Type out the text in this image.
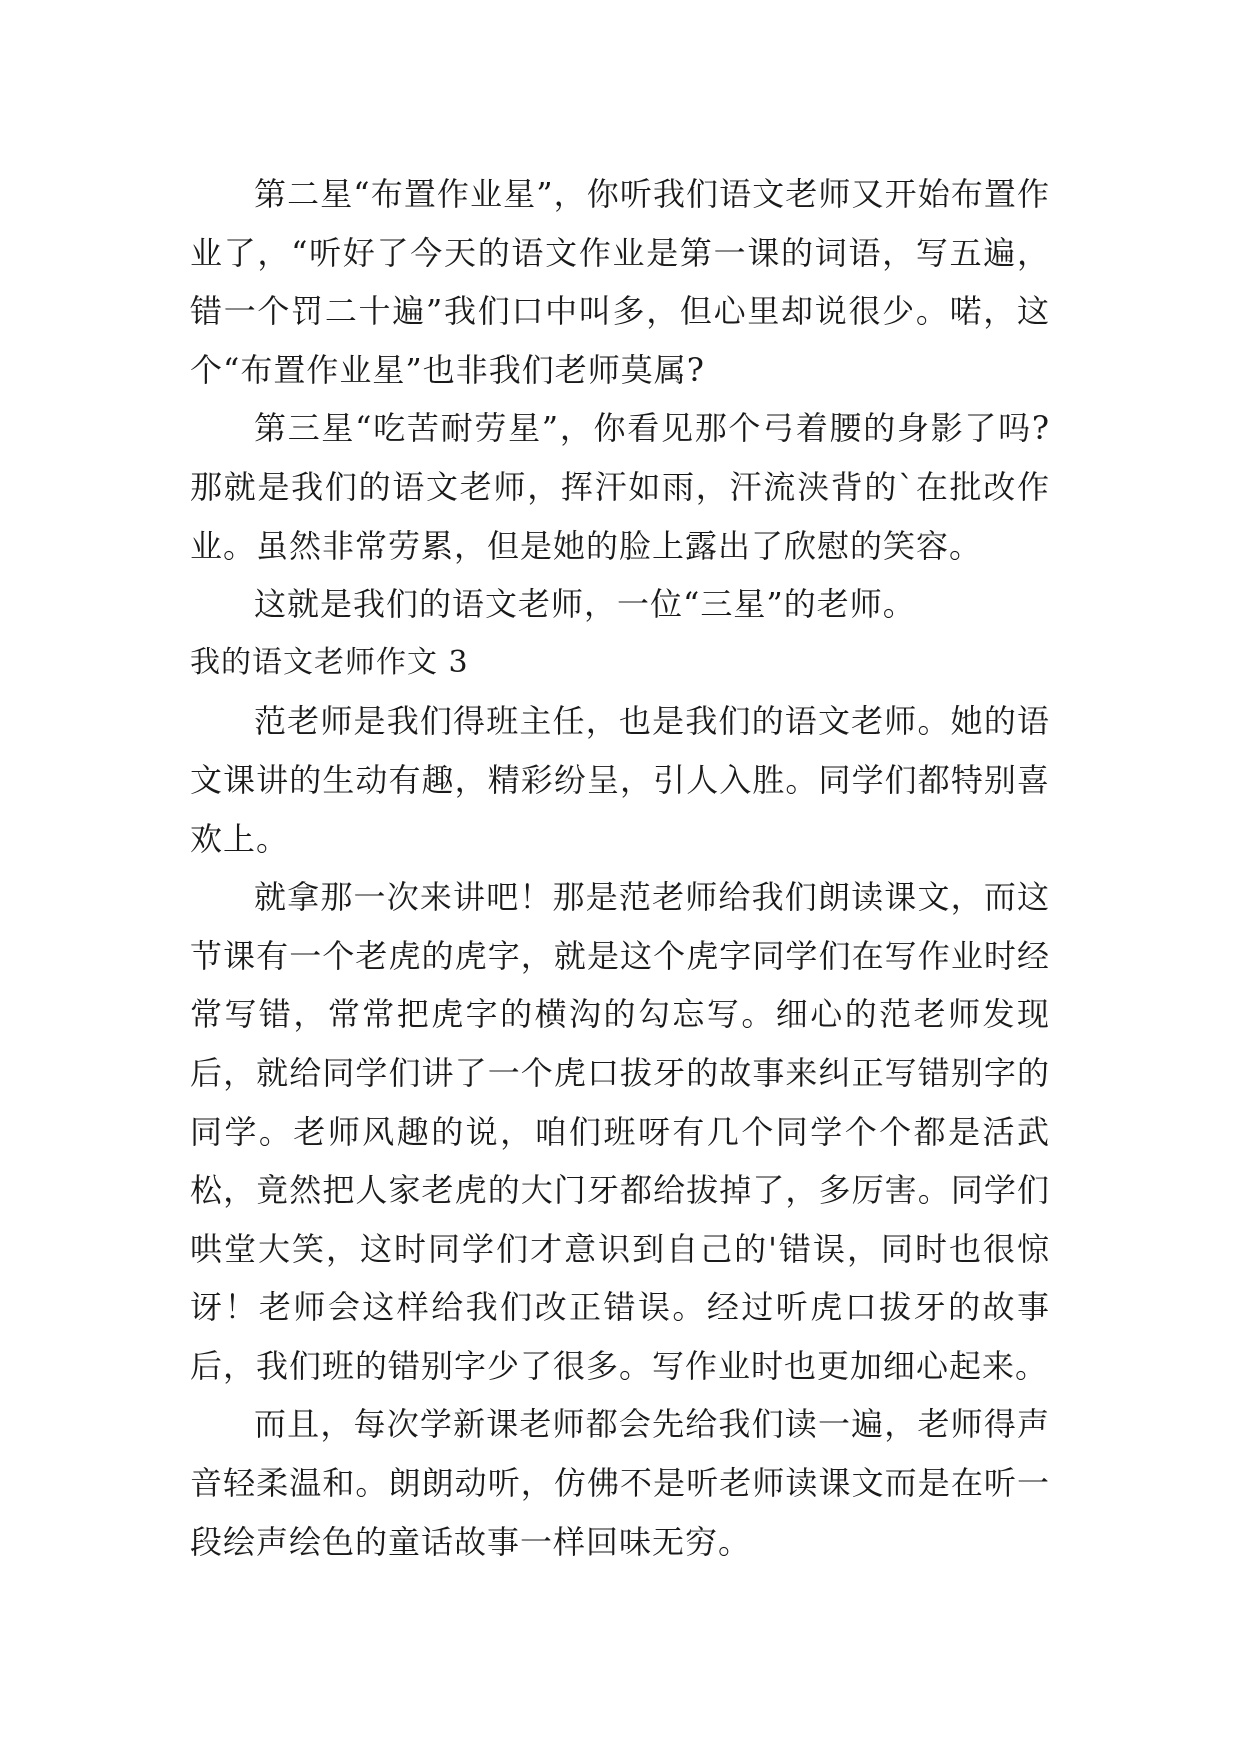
第二星“布置作业星”，你听我们语文老师又开始布置作业了，“听好了今天的语文作业是第一课的词语，写五遍，错一个罚二十遍”我们口中叫多，但心里却说很少。喏，这个“布置作业星”也非我们老师莫属?

第三星“吃苦耐劳星”，你看见那个弓着腰的身影了吗?那就是我们的语文老师，挥汗如雨，汗流浃背的`在批改作业。虽然非常劳累，但是她的脸上露出了欣慰的笑容。

这就是我们的语文老师，一位“三星”的老师。

我的语文老师作文 3

范老师是我们得班主任，也是我们的语文老师。她的语文课讲的生动有趣，精彩纷呈，引人入胜。同学们都特别喜欢上。

就拿那一次来讲吧！那是范老师给我们朗读课文，而这节课有一个老虎的虎字，就是这个虎字同学们在写作业时经常写错，常常把虎字的横沟的勾忘写。细心的范老师发现后，就给同学们讲了一个虎口拔牙的故事来纠正写错别字的同学。老师风趣的说，咱们班呀有几个同学个个都是活武松，竟然把人家老虎的大门牙都给拔掉了，多厉害。同学们哄堂大笑，这时同学们才意识到自己的'错误，同时也很惊讶！老师会这样给我们改正错误。经过听虎口拔牙的故事后，我们班的错别字少了很多。写作业时也更加细心起来。

而且，每次学新课老师都会先给我们读一遍，老师得声音轻柔温和。朗朗动听，仿佛不是听老师读课文而是在听一段绘声绘色的童话故事一样回味无穷。
